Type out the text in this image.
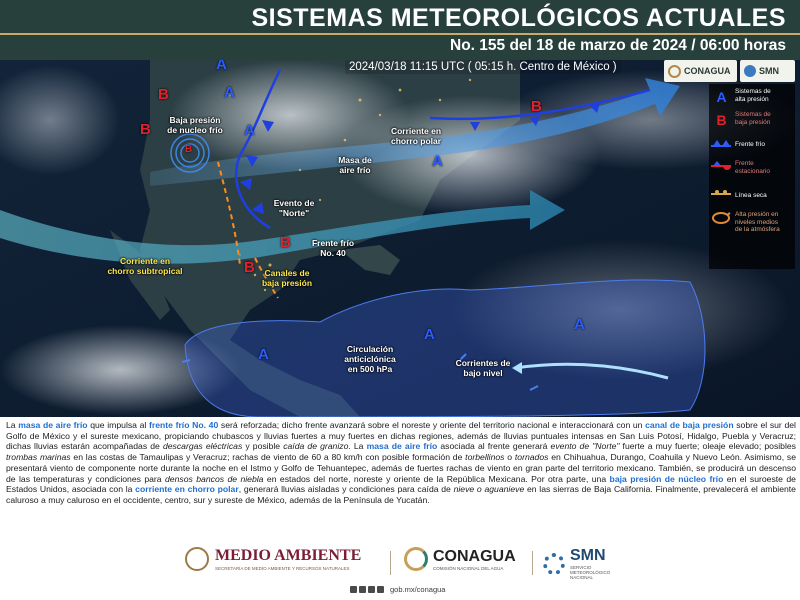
SISTEMAS METEOROLÓGICOS ACTUALES
No. 155 del 18 de marzo de 2024 / 06:00 horas
2024/03/18 11:15 UTC ( 05:15 h. Centro de México )	CONAGUA	SMN
A
A
A
A
A
A
A
B
B
B
B
B
B
Baja presión
de nucleo frío	Corriente en
chorro polar
Masa de
aire frío
Evento de
"Norte"
Frente frío
No. 40
Corriente en
chorro subtropical	Canales de
baja presión
Circulación
anticiclónica
en 500 hPa
Corrientes de
bajo nivel
A Sistemas de
alta presión
B Sistemas de
baja presión
Frente frío
Frente
estacionario
Línea seca
Alta presión en
niveles medios
de la atmósfera
La masa de aire frío que impulsa al frente frío No. 40 será reforzada; dicho frente avanzará sobre el noreste y oriente del territorio nacional e interaccionará con un canal de baja presión sobre el sur del Golfo de México y el sureste mexicano, propiciando chubascos y lluvias fuertes a muy fuertes en dichas regiones, además de lluvias puntuales intensas en San Luis Potosí, Hidalgo, Puebla y Veracruz; dichas lluvias estarán acompañadas de descargas eléctricas y posible caída de granizo. La masa de aire frío asociada al frente generará evento de "Norte" fuerte a muy fuerte; oleaje elevado; posibles trombas marinas en las costas de Tamaulipas y Veracruz; rachas de viento de 60 a 80 km/h con posible formación de torbellinos o tornados en Chihuahua, Durango, Coahuila y Nuevo León. Asimismo, se presentará viento de componente norte durante la noche en el Istmo y Golfo de Tehuantepec, además de fuertes rachas de viento en gran parte del territorio mexicano. También, se producirá un descenso de las temperaturas y condiciones para densos bancos de niebla en estados del norte, noreste y oriente de la República Mexicana. Por otra parte, una baja presión de núcleo frío en el suroeste de Estados Unidos, asociada con la corriente en chorro polar, generará lluvias aisladas y condiciones para caída de nieve o aguanieve en las sierras de Baja California. Finalmente, prevalecerá el ambiente caluroso a muy caluroso en el occidente, centro, sur y sureste de México, además de la Península de Yucatán.
MEDIO AMBIENTE
SECRETARÍA DE MEDIO AMBIENTE Y RECURSOS NATURALES
CONAGUA
COMISIÓN NACIONAL DEL AGUA
SMN
SERVICIO
METEOROLÓGICO
NACIONAL
gob.mx/conagua
